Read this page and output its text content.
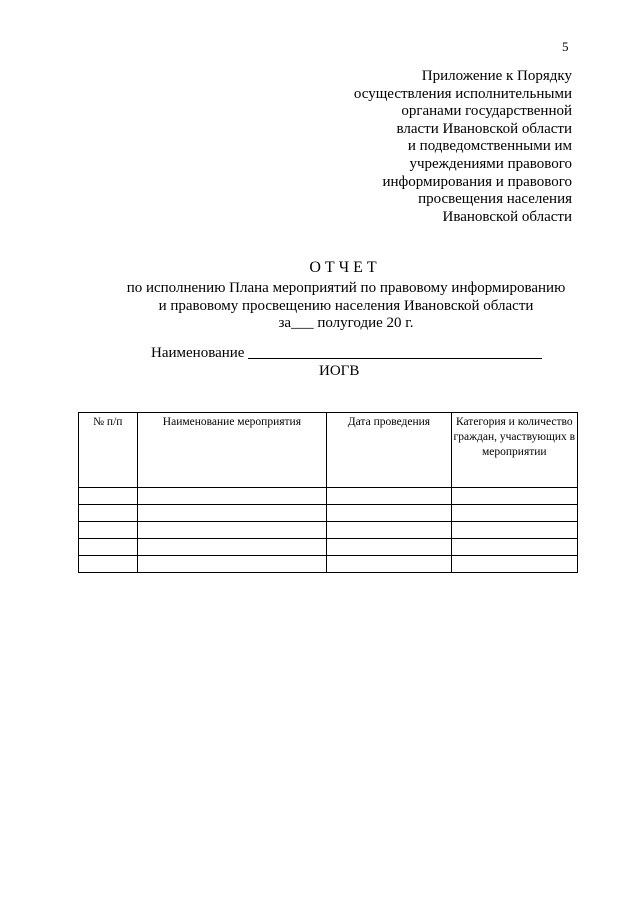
5
Приложение к Порядку
осуществления исполнительными
органами государственной
власти Ивановской области
и подведомственными им
учреждениями правового
информирования и правового
просвещения населения
Ивановской области
ОТЧЕТ
по исполнению Плана мероприятий по правовому информированию
и правовому просвещению населения Ивановской области
за___ полугодие 20 г.
Наименование
ИОГВ
№ п/п	Наименование мероприятия	Дата проведения	Категория и количество граждан, участвующих в мероприятии
